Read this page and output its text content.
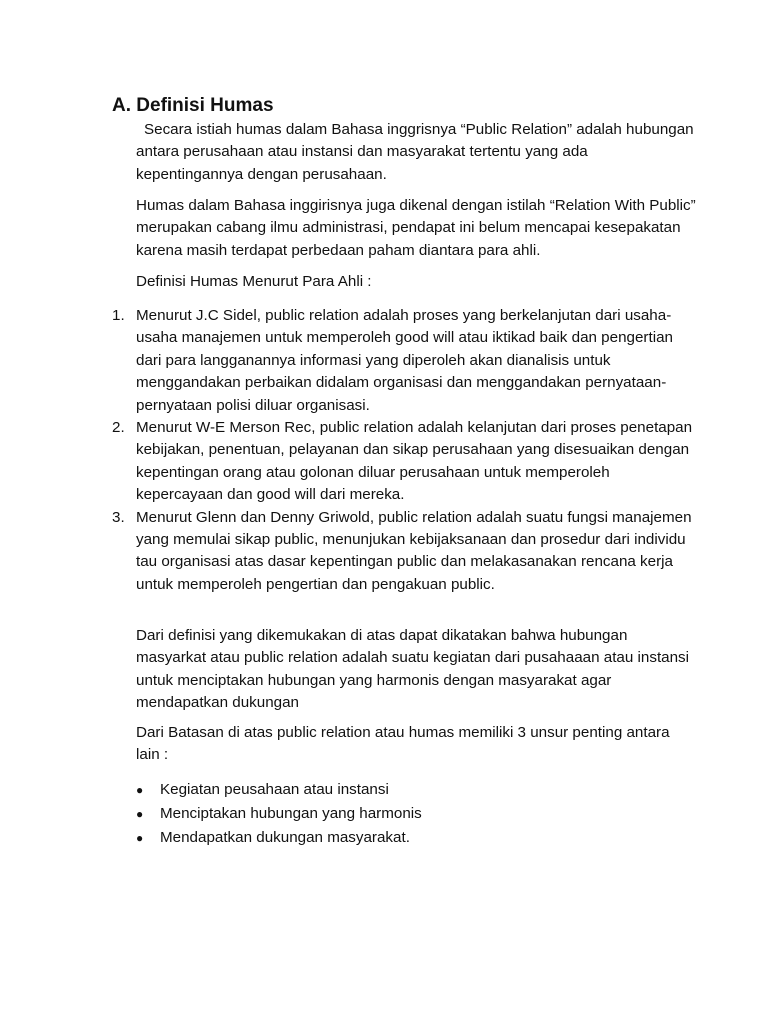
A. Definisi Humas

Secara istiah humas dalam Bahasa inggrisnya “Public Relation” adalah hubungan antara perusahaan atau instansi dan masyarakat tertentu yang ada kepentingannya dengan perusahaan.

Humas dalam Bahasa inggirisnya juga dikenal dengan istilah “Relation With Public” merupakan cabang ilmu administrasi, pendapat ini belum mencapai kesepakatan karena masih terdapat perbedaan paham diantara para ahli.

Definisi Humas Menurut Para Ahli :

1. Menurut J.C Sidel, public relation adalah proses yang berkelanjutan dari usaha-usaha manajemen untuk memperoleh good will atau iktikad baik dan pengertian dari para langganannya informasi yang diperoleh akan dianalisis untuk menggandakan perbaikan didalam organisasi dan menggandakan pernyataan-pernyataan polisi diluar organisasi.
2. Menurut W-E Merson Rec, public relation adalah kelanjutan dari proses penetapan kebijakan, penentuan, pelayanan dan sikap perusahaan yang disesuaikan dengan kepentingan orang atau golonan diluar perusahaan untuk memperoleh kepercayaan dan good will dari mereka.
3. Menurut Glenn dan Denny Griwold, public relation adalah suatu fungsi manajemen yang memulai sikap public, menunjukan kebijaksanaan dan prosedur dari individu tau organisasi atas dasar kepentingan public dan melakasanakan rencana kerja untuk memperoleh pengertian dan pengakuan public.

Dari definisi yang dikemukakan di atas dapat dikatakan bahwa hubungan masyarkat atau public relation adalah suatu kegiatan dari pusahaaan atau instansi untuk menciptakan hubungan yang harmonis dengan masyarakat agar mendapatkan dukungan

Dari Batasan di atas public relation atau humas memiliki 3 unsur penting antara lain :

● Kegiatan peusahaan atau instansi
● Menciptakan hubungan yang harmonis
● Mendapatkan dukungan masyarakat.
